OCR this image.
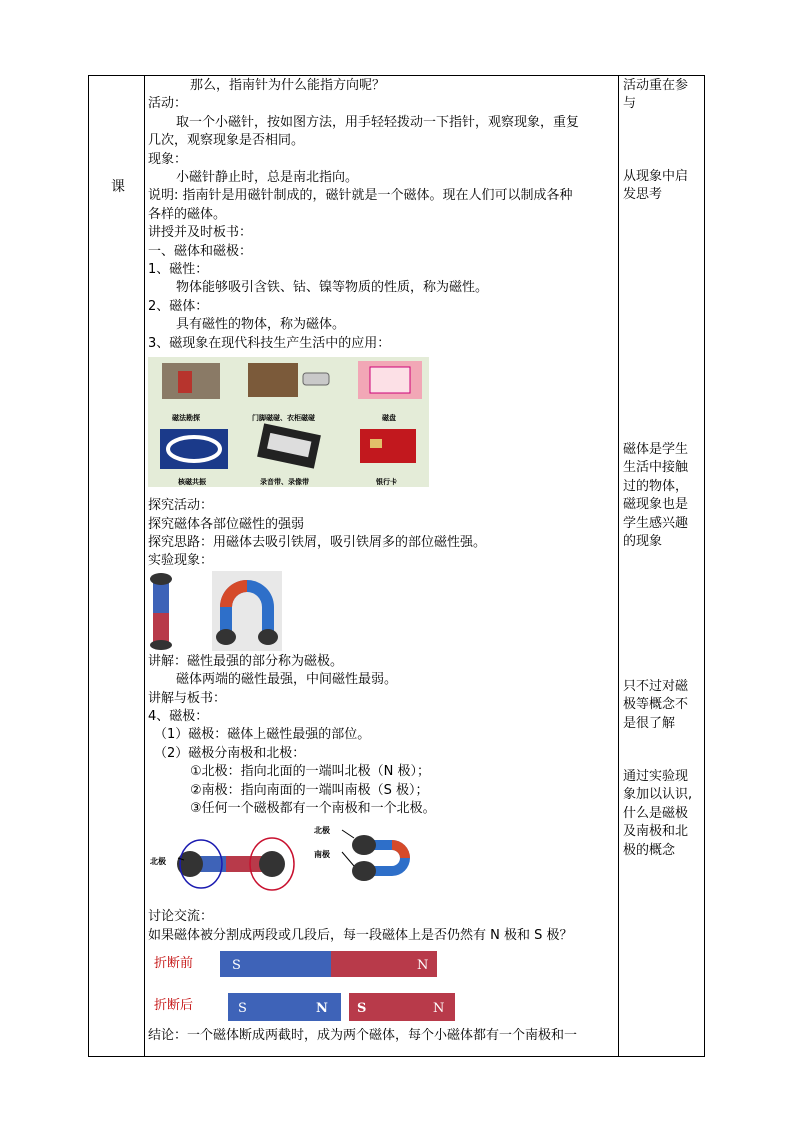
课

那么，指南针为什么能指方向呢？

活动：

取一个小磁针，按如图方法，用手轻轻拨动一下指针，观察现象，重复

几次，观察现象是否相同。

现象：

小磁针静止时，总是南北指向。

说明: 指南针是用磁针制成的，磁针就是一个磁体。现在人们可以制成各种

各样的磁体。

讲授并及时板书：

一、磁体和磁极：

1、磁性：

物体能够吸引含铁、钴、镍等物质的性质，称为磁性。

2、磁体：

具有磁性的物体，称为磁体。

3、磁现象在现代科技生产生活中的应用：

磁法勘探	门脚磁碰、衣柜磁碰	磁盘
核磁共振	录音带、录像带	银行卡

探究活动：

探究磁体各部位磁性的强弱

探究思路：用磁体去吸引铁屑，吸引铁屑多的部位磁性强。

实验现象：

讲解：磁性最强的部分称为磁极。

磁体两端的磁性最强，中间磁性最弱。

讲解与板书：

4、磁极：

（1）磁极：磁体上磁性最强的部位。

（2）磁极分南极和北极：

①北极：指向北面的一端叫北极（N 极）；

②南极：指向南面的一端叫南极（S 极）；

③任何一个磁极都有一个南极和一个北极。

北极
北极
南极

讨论交流：

如果磁体被分割成两段或几段后，每一段磁体上是否仍然有 N 极和 S 极？

折断前
折断后
S	N
S	N S	N

结论：一个磁体断成两截时，成为两个磁体，每个小磁体都有一个南极和一

活动重在参

与

从现象中启

发思考

磁体是学生

生活中接触

过的物体，

磁现象也是

学生感兴趣

的现象

只不过对磁

极等概念不

是很了解

通过实验现

象加以认识,

什么是磁极

及南极和北

极的概念
